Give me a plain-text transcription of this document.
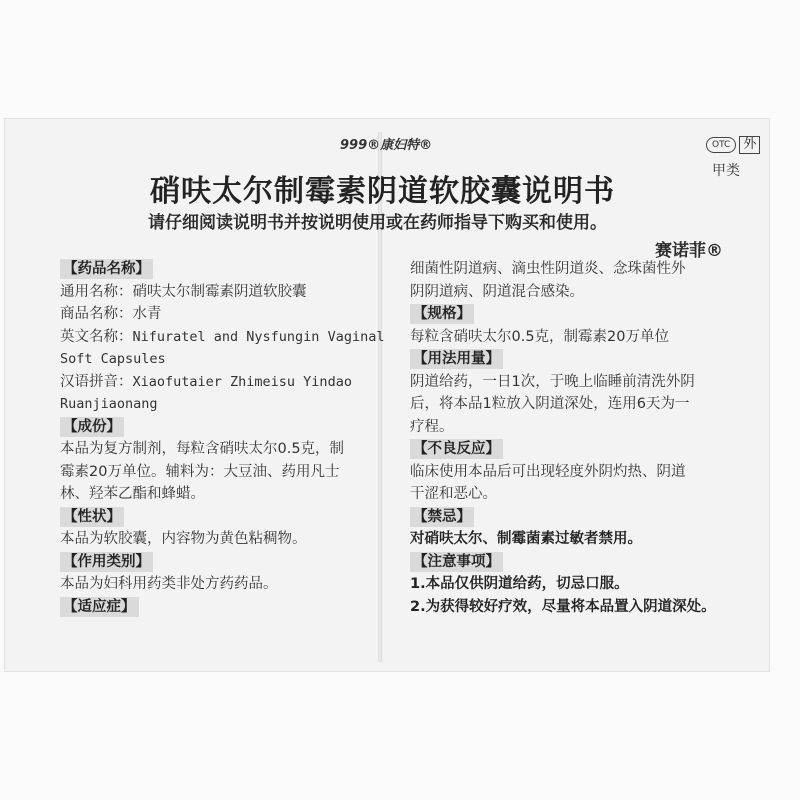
999®康妇特®	OTC	外
甲类
硝呋太尔制霉素阴道软胶囊说明书
请仔细阅读说明书并按说明使用或在药师指导下购买和使用。
赛诺菲®
【药品名称】
通用名称： 硝呋太尔制霉素阴道软胶囊
商品名称： 水青
英文名称： Nifuratel and Nysfungin Vaginal
Soft Capsules
汉语拼音： Xiaofutaier Zhimeisu Yindao
Ruanjiaonang
【成份】
本品为复方制剂，每粒含硝呋太尔0.5克，制
霉素20万单位。辅料为：大豆油、药用凡士
林、羟苯乙酯和蜂蜡。
【性状】
本品为软胶囊，内容物为黄色粘稠物。
【作用类别】
本品为妇科用药类非处方药药品。
【适应症】
细菌性阴道病、滴虫性阴道炎、念珠菌性外
阴阴道病、阴道混合感染。
【规格】
每粒含硝呋太尔0.5克，制霉素20万单位
【用法用量】
阴道给药，一日1次，于晚上临睡前清洗外阴
后，将本品1粒放入阴道深处，连用6天为一
疗程。
【不良反应】
临床使用本品后可出现轻度外阴灼热、阴道
干涩和恶心。
【禁忌】
对硝呋太尔、制霉菌素过敏者禁用。
【注意事项】
1.本品仅供阴道给药，切忌口服。
2.为获得较好疗效，尽量将本品置入阴道深处。
